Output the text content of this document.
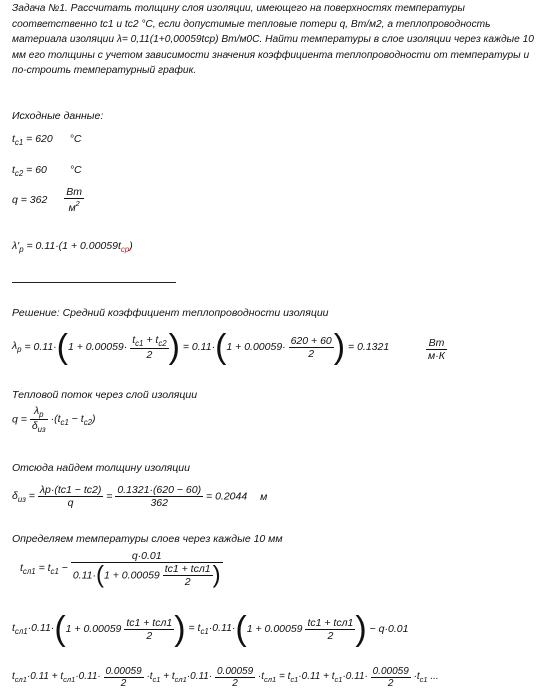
Задача №1. Рассчитать толщину слоя изоляции, имеющего на поверхностях температуры соответственно tc1 и tc2 °C, если допустимые тепловые потери q, Вт/м2, а теплопроводность материала изоляции λ= 0,11(1+0,00059tср) Вт/м0С. Найти температуры в слое изоляции через каждые 10 мм его толщины с учетом зависимости значения коэффициента теплопроводности от температуры и по-строить температурный график.
Исходные данные:
$t_{c1} = 620$ °C
$t_{c2} = 60$ °C
$q = 362 \frac{Вт}{м^2}$
$\lambda'_p = 0.11\cdot(1 + 0.00059t_{ср})$
Решение: Средний коэффициент теплопроводности изоляции
$\lambda_p = 0.11\cdot(1 + 0.00059\cdot \frac{t_{c1} + t_{c2}}{2}$ ) = $0.11\cdot(1 + 0.00059\cdot \frac{620 + 60}{2}$ ) = 0.1321	$\frac{Вт}{м\cdot К}$
Тепловой поток через слой изоляции
$q = \frac{\lambda_p}{\delta_{из}} \cdot(t_{c1} - t_{c2})$
Отсюда найдем толщину изоляции
$\delta_{из} = \frac{\lambda p\cdot(tc1 - tc2)}{q} = \frac{0.1321\cdot(620 - 60)}{362} = 0.2044$ м
Определяем температуры слоев через каждые 10 мм
$t_{сл1} = t_{c1} - \frac{q\cdot 0.01}{0.11\cdot(1 + 0.00059 \frac{\text{tc1 + tсл1}}{2} )}$
$t_{сл1}\cdot 0.11\cdot(1 + 0.00059 \frac{\text{tc1 + tсл1}}{2}$ ) = $t_{c1}\cdot 0.11\cdot(1 + 0.00059 \frac{\text{tc1 + tсл1}}{2}$ ) − q·0.01
$t_{сл1}\cdot 0.11 + t_{сл1}\cdot 0.11\cdot \frac{0.00059}{2} \cdot t_{c1} + t_{сл1}\cdot 0.11\cdot \frac{0.00059}{2} \cdot t_{сл1} = t_{c1}\cdot 0.11 + t_{c1}\cdot 0.11\cdot \frac{0.00059}{2} \cdot t_{c1}$ ...
